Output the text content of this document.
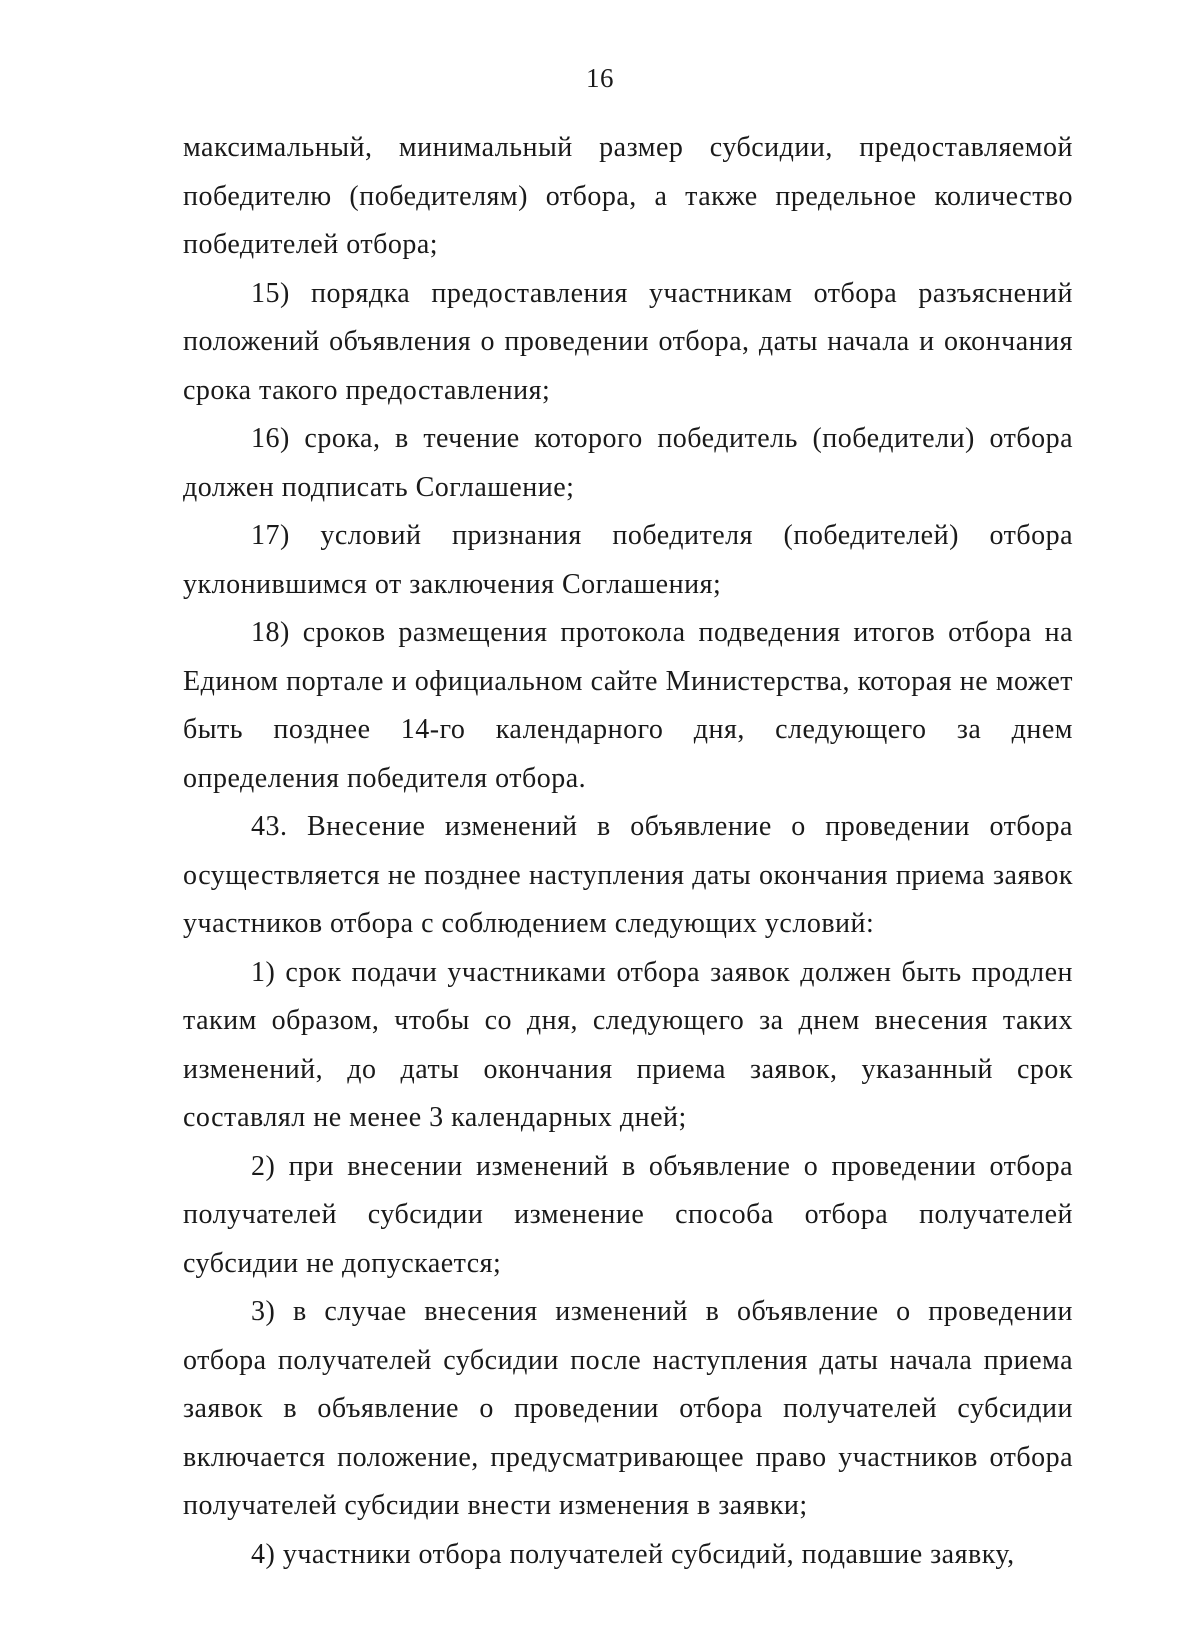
16

максимальный, минимальный размер субсидии, предоставляемой победителю (победителям) отбора, а также предельное количество победителей отбора;

15) порядка предоставления участникам отбора разъяснений положений объявления о проведении отбора, даты начала и окончания срока такого предоставления;

16) срока, в течение которого победитель (победители) отбора должен подписать Соглашение;

17) условий признания победителя (победителей) отбора уклонившимся от заключения Соглашения;

18) сроков размещения протокола подведения итогов отбора на Едином портале и официальном сайте Министерства, которая не может быть позднее 14-го календарного дня, следующего за днем определения победителя отбора.

43. Внесение изменений в объявление о проведении отбора осуществляется не позднее наступления даты окончания приема заявок участников отбора с соблюдением следующих условий:

1) срок подачи участниками отбора заявок должен быть продлен таким образом, чтобы со дня, следующего за днем внесения таких изменений, до даты окончания приема заявок, указанный срок составлял не менее 3 календарных дней;

2) при внесении изменений в объявление о проведении отбора получателей субсидии изменение способа отбора получателей субсидии не допускается;

3) в случае внесения изменений в объявление о проведении отбора получателей субсидии после наступления даты начала приема заявок в объявление о проведении отбора получателей субсидии включается положение, предусматривающее право участников отбора получателей субсидии внести изменения в заявки;

4) участники отбора получателей субсидий, подавшие заявку,
